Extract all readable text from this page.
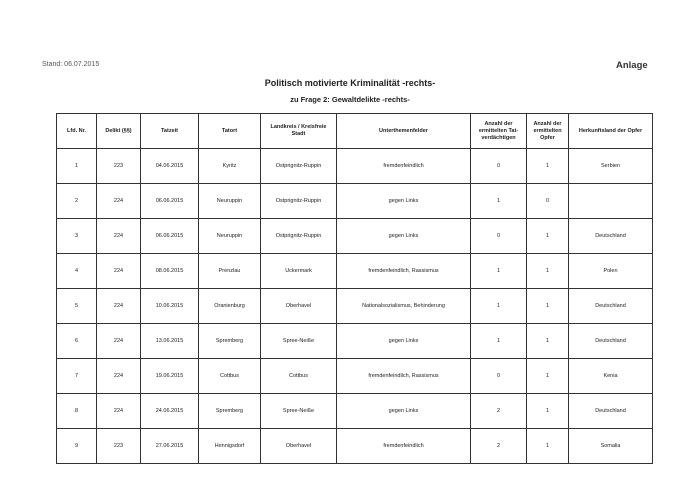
Stand: 06.07.2015	Anlage
Politisch motivierte Kriminalität -rechts-
zu Frage 2: Gewaltdelikte -rechts-
Lfd. Nr.	Delikt (§§)	Tatzeit	Tatort	Landkreis / Kreisfreie Stadt	Unterthemenfelder	Anzahl der ermittelten Tat-verdächtigen	Anzahl der ermittelten Opfer	Herkunftsland der Opfer
1	223	04.06.2015	Kyritz	Ostprignitz-Ruppin	fremdenfeindlich	0	1	Serbien
2	224	06.06.2015	Neuruppin	Ostprignitz-Ruppin	gegen Links	1	0	
3	224	06.06.2015	Neuruppin	Ostprignitz-Ruppin	gegen Links	0	1	Deutschland
4	224	08.06.2015	Prenzlau	Uckermark	fremdenfeindlich, Rassismus	1	1	Polen
5	224	10.06.2015	Oranienburg	Oberhavel	Nationalsozialismus, Behinderung	1	1	Deutschland
6	224	13.06.2015	Spremberg	Spree-Neiße	gegen Links	1	1	Deutschland
7	224	19.06.2015	Cottbus	Cottbus	fremdenfeindlich, Rassismus	0	1	Kenia
8	224	24.06.2015	Spremberg	Spree-Neiße	gegen Links	2	1	Deutschland
9	223	27.06.2015	Hennigsdorf	Oberhavel	fremdenfeindlich	2	1	Somalia
